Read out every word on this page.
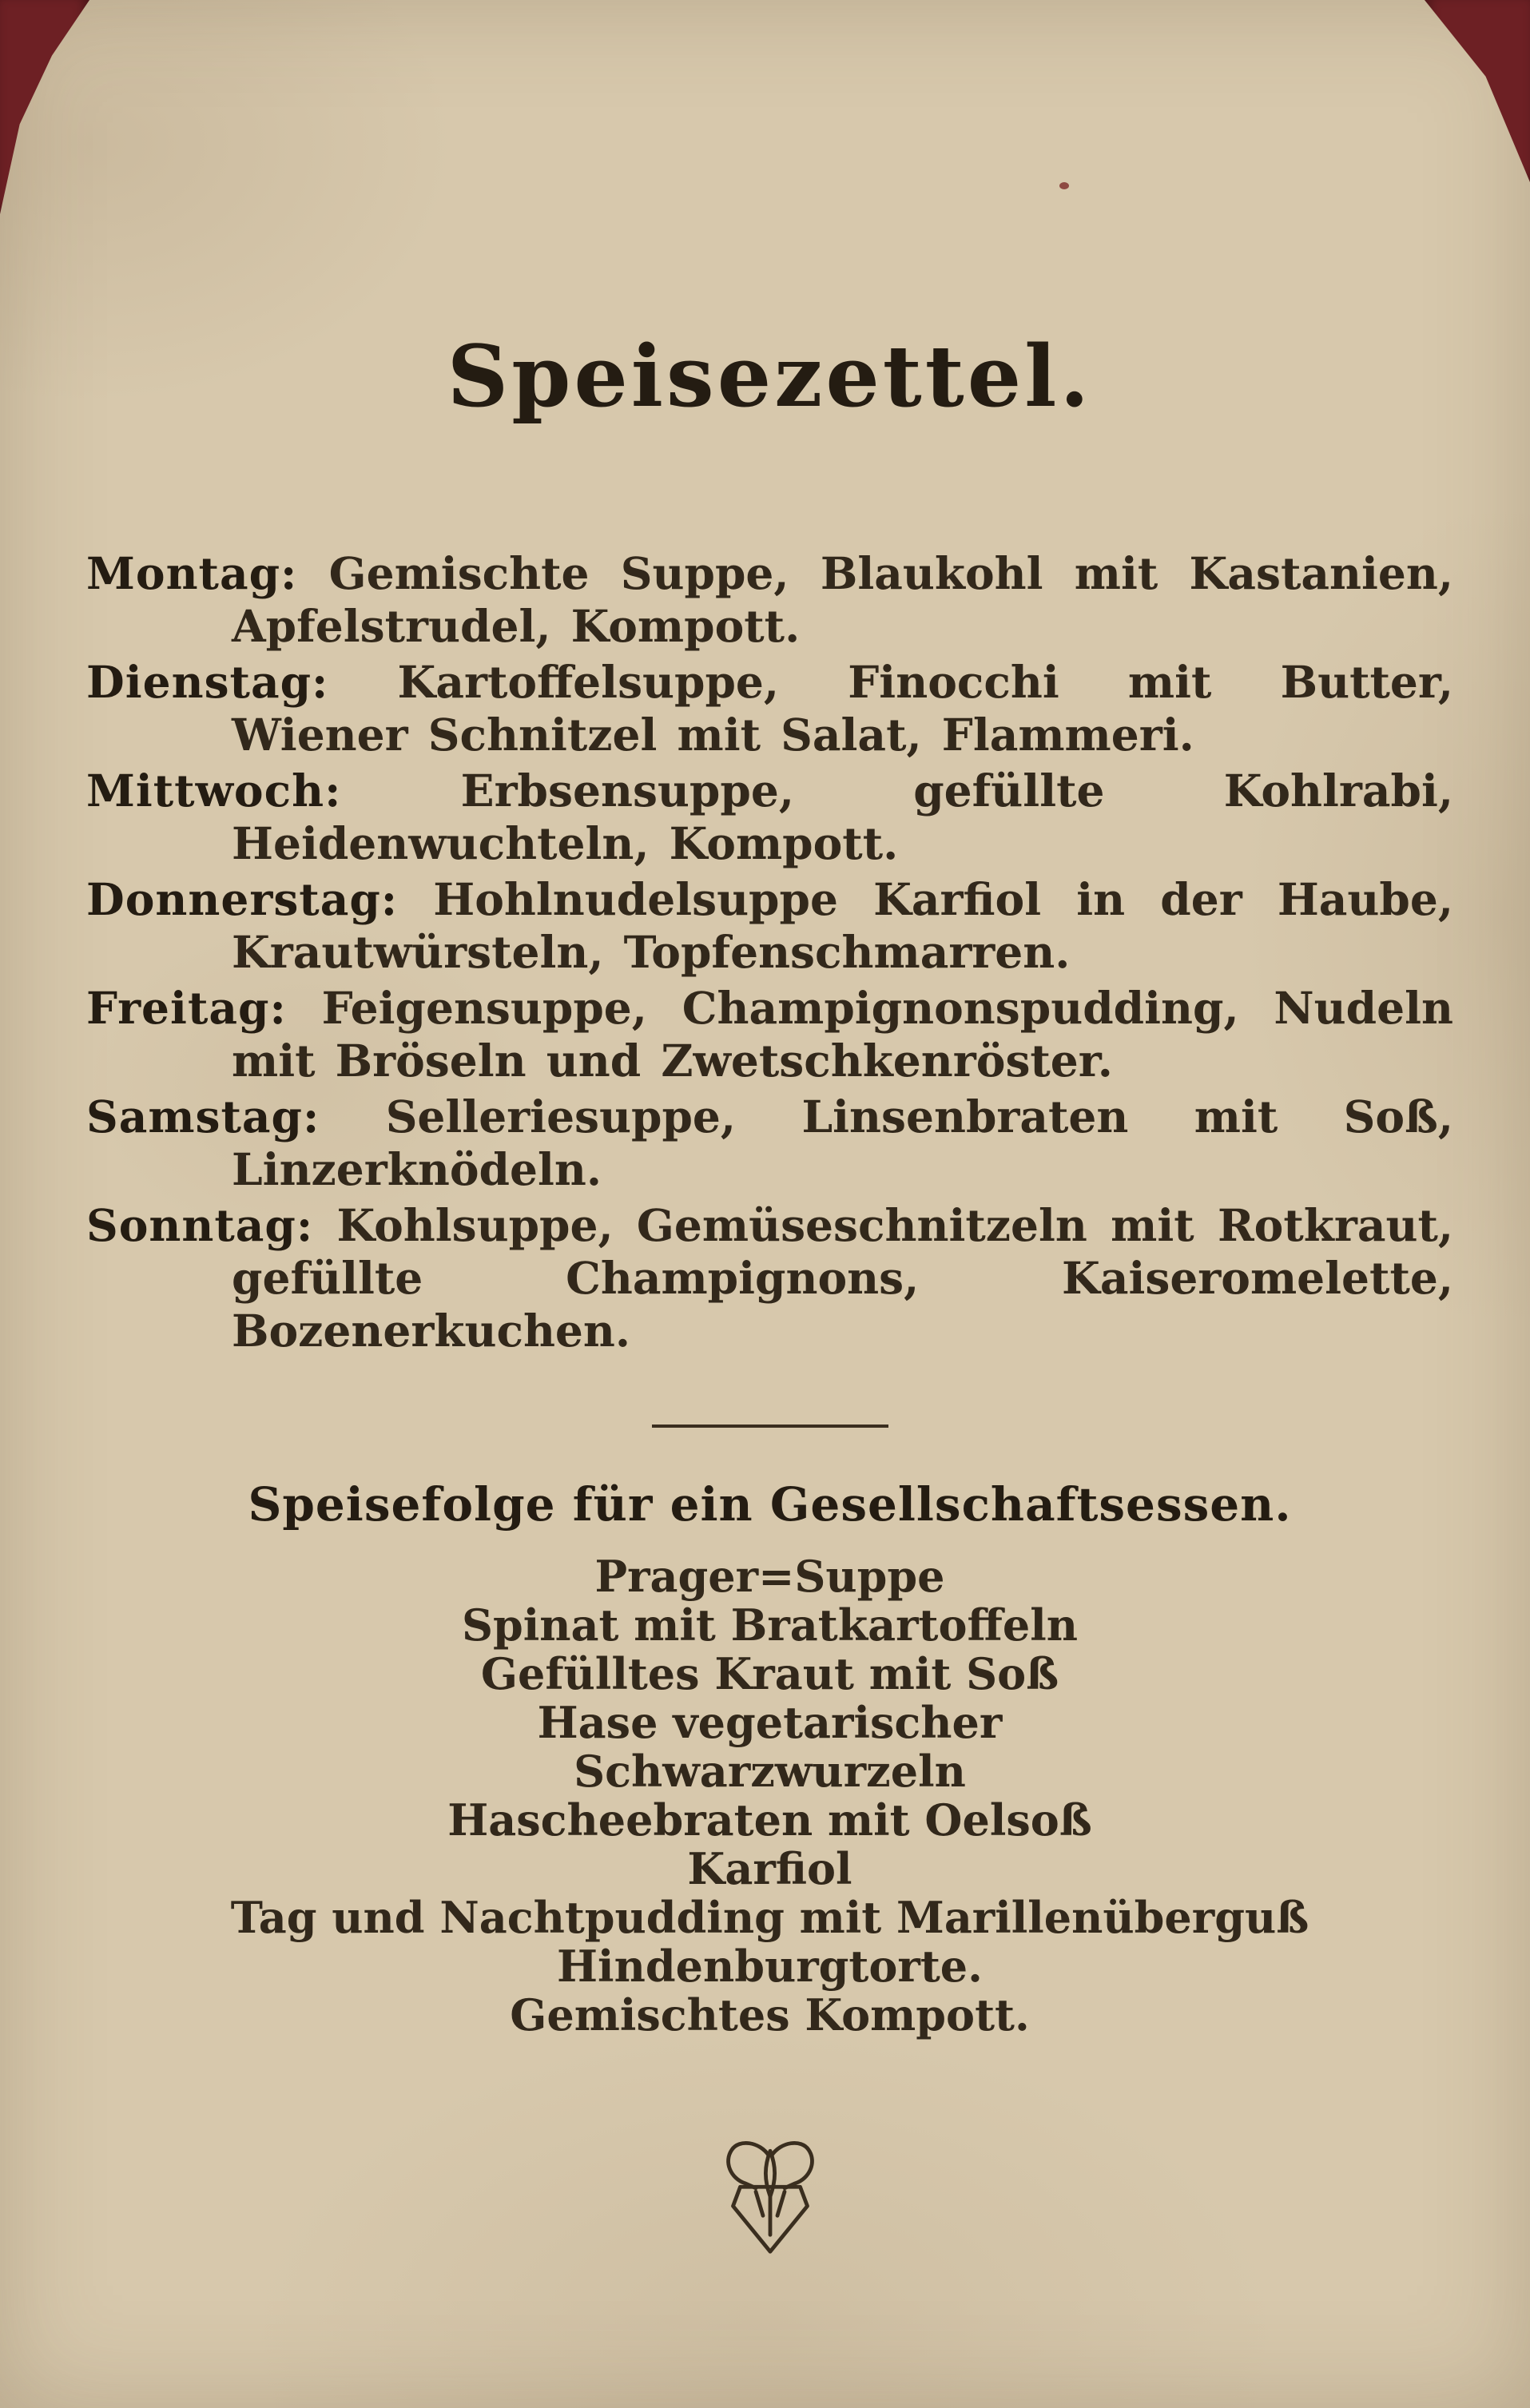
Speisezettel.

Montag: Gemischte Suppe, Blaukohl mit Kastanien, Apfelstrudel, Kompott.

Dienstag: Kartoffelsuppe, Finocchi mit Butter, Wiener Schnitzel mit Salat, Flammeri.

Mittwoch:	Erbsensuppe, gefüllte Kohlrabi, Heidenwuchteln, Kompott.

Donnerstag: Hohlnudelsuppe Karfiol in der Haube, Krautwürsteln, Topfenschmarren.

Freitag: Feigensuppe, Champignonspudding, Nudeln mit Bröseln und Zwetschkenröster.

Samstag: Selleriesuppe, Linsenbraten mit Soß, Linzerknödeln.

Sonntag: Kohlsuppe, Gemüseschnitzeln mit Rotkraut, gefüllte Champignons, Kaiseromelette, Bozenerkuchen.

Speisefolge für ein Gesellschaftsessen.
Prager=Suppe
Spinat mit Bratkartoffeln
Gefülltes Kraut mit Soß
Hase vegetarischer
Schwarzwurzeln
Hascheebraten mit Oelsoß
Karfiol
Tag und Nachtpudding mit Marillenüberguß
Hindenburgtorte.
Gemischtes Kompott.
